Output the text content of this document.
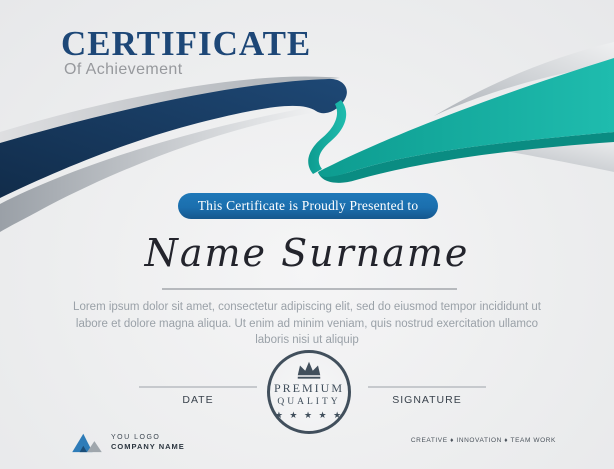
CERTIFICATE
Of Achievement
This Certificate is Proudly Presented to
Name Surname

Lorem ipsum dolor sit amet, consectetur adipiscing elit, sed do eiusmod tempor incididunt ut labore et dolore magna aliqua. Ut enim ad minim veniam, quis nostrud exercitation ullamco laboris nisi ut aliquip

DATE	SIGNATURE
PREMIUM
QUALITY
★ ★ ★ ★ ★
YOU LOGO
COMPANY NAME
CREATIVE ♦ INNOVATION ♦ TEAM WORK
